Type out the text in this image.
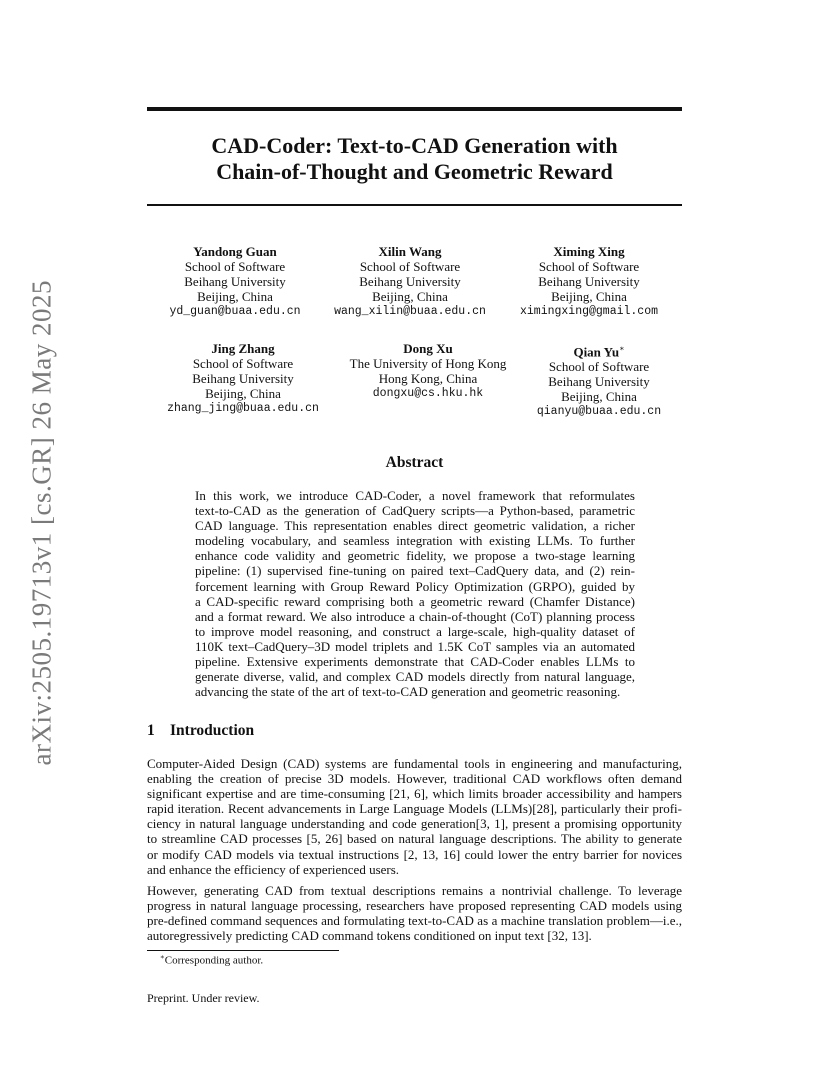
arXiv:2505.19713v1 [cs.GR] 26 May 2025
CAD-Coder: Text-to-CAD Generation with
Chain-of-Thought and Geometric Reward
Yandong Guan
School of Software
Beihang University
Beijing, China
yd_guan@buaa.edu.cn
Xilin Wang
School of Software
Beihang University
Beijing, China
wang_xilin@buaa.edu.cn
Ximing Xing
School of Software
Beihang University
Beijing, China
ximingxing@gmail.com
Jing Zhang
School of Software
Beihang University
Beijing, China
zhang_jing@buaa.edu.cn
Dong Xu
The University of Hong Kong
Hong Kong, China
dongxu@cs.hku.hk
Qian Yu∗
School of Software
Beihang University
Beijing, China
qianyu@buaa.edu.cn
Abstract
In this work, we introduce CAD-Coder, a novel framework that reformulates
text-to-CAD as the generation of CadQuery scripts—a Python-based, parametric
CAD language. This representation enables direct geometric validation, a richer
modeling vocabulary, and seamless integration with existing LLMs. To further
enhance code validity and geometric fidelity, we propose a two-stage learning
pipeline: (1) supervised fine-tuning on paired text–CadQuery data, and (2) rein-
forcement learning with Group Reward Policy Optimization (GRPO), guided by
a CAD-specific reward comprising both a geometric reward (Chamfer Distance)
and a format reward. We also introduce a chain-of-thought (CoT) planning process
to improve model reasoning, and construct a large-scale, high-quality dataset of
110K text–CadQuery–3D model triplets and 1.5K CoT samples via an automated
pipeline. Extensive experiments demonstrate that CAD-Coder enables LLMs to
generate diverse, valid, and complex CAD models directly from natural language,
advancing the state of the art of text-to-CAD generation and geometric reasoning.
1 Introduction
Computer-Aided Design (CAD) systems are fundamental tools in engineering and manufacturing,
enabling the creation of precise 3D models. However, traditional CAD workflows often demand
significant expertise and are time-consuming [21, 6], which limits broader accessibility and hampers
rapid iteration. Recent advancements in Large Language Models (LLMs)[28], particularly their profi-
ciency in natural language understanding and code generation[3, 1], present a promising opportunity
to streamline CAD processes [5, 26] based on natural language descriptions. The ability to generate
or modify CAD models via textual instructions [2, 13, 16] could lower the entry barrier for novices
and enhance the efficiency of experienced users.
However, generating CAD from textual descriptions remains a nontrivial challenge. To leverage
progress in natural language processing, researchers have proposed representing CAD models using
pre-defined command sequences and formulating text-to-CAD as a machine translation problem—i.e.,
autoregressively predicting CAD command tokens conditioned on input text [32, 13].
∗Corresponding author.
Preprint. Under review.
